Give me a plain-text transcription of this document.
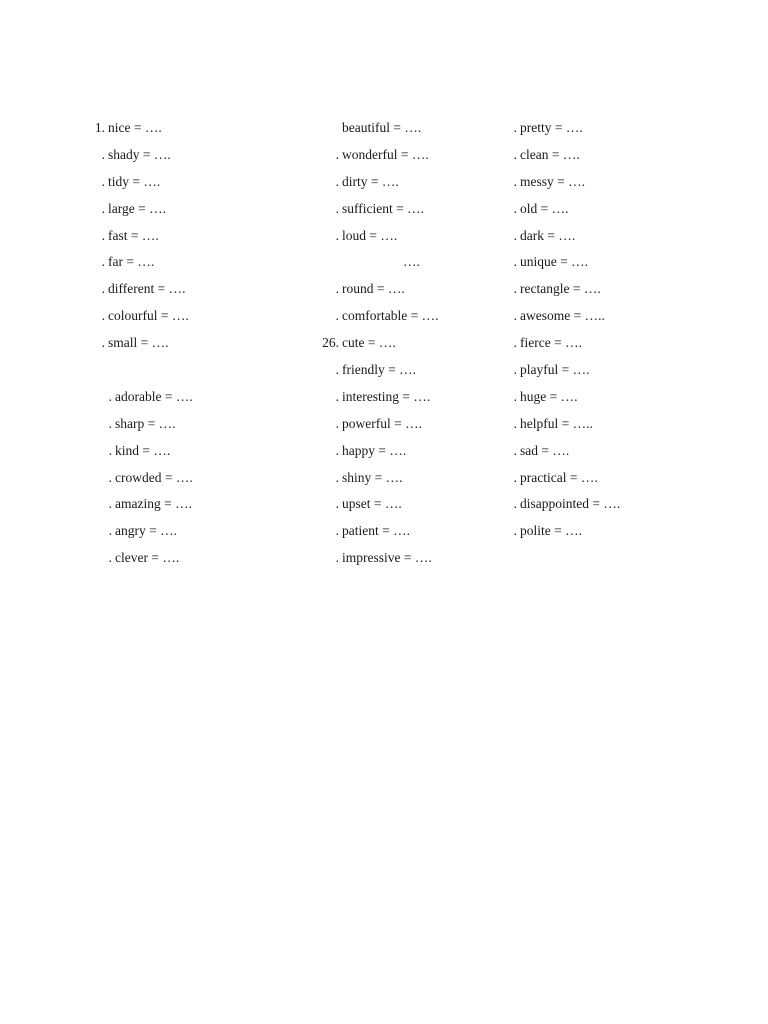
1. nice = ….
. shady = ….
. tidy = ….
. large = ….
. fast = ….
. far = ….
. different = ….
. colourful = ….
. small = ….
. adorable = ….
. sharp = ….
. kind = ….
. crowded = ….
. amazing = ….
. angry = ….
. clever = ….
beautiful = ….
. wonderful = ….
. dirty = ….
. sufficient = ….
. loud = ….
….
. round = ….
. comfortable = ….
26. cute = ….
. friendly = ….
. interesting = ….
. powerful = ….
. happy = ….
. shiny = ….
. upset = ….
. patient = ….
. impressive = ….
. pretty = ….
. clean = ….
. messy = ….
. old = ….
. dark = ….
. unique = ….
. rectangle = ….
. awesome = …..
. fierce = ….
. playful = ….
. huge = ….
. helpful = …..
. sad = ….
. practical = ….
. disappointed = ….
. polite = ….
